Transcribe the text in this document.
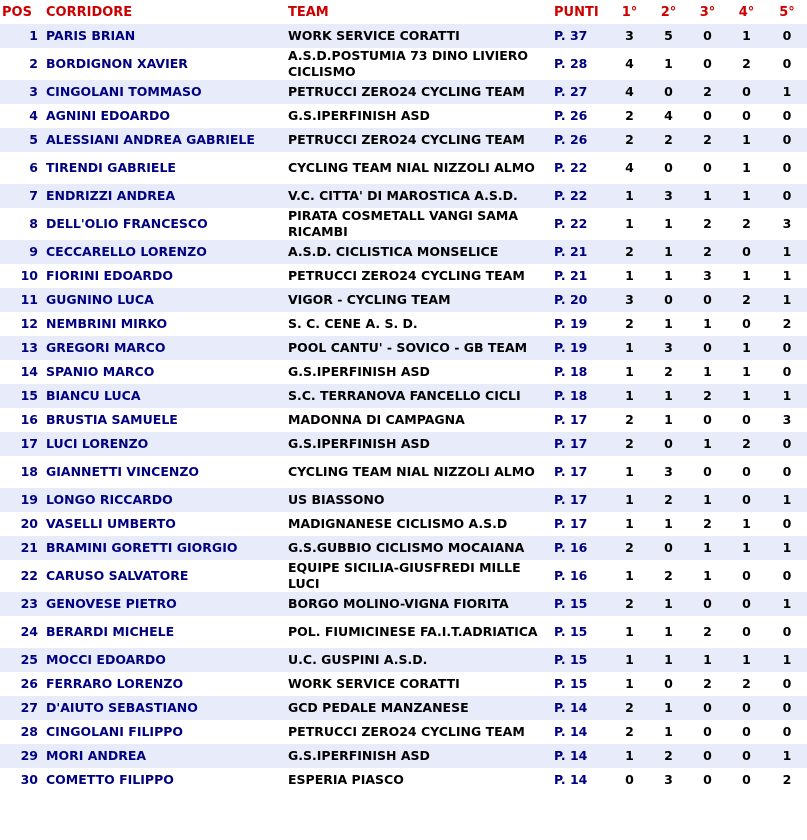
POS	CORRIDORE	TEAM	PUNTI	1°	2°	3°	4°	5°
1	PARIS BRIAN	WORK SERVICE CORATTI	P. 37	3	5	0	1	0
2	BORDIGNON XAVIER	A.S.D.POSTUMIA 73 DINO LIVIERO CICLISMO	P. 28	4	1	0	2	0
3	CINGOLANI TOMMASO	PETRUCCI ZERO24 CYCLING TEAM	P. 27	4	0	2	0	1
4	AGNINI EDOARDO	G.S.IPERFINISH ASD	P. 26	2	4	0	0	0
5	ALESSIANI ANDREA GABRIELE	PETRUCCI ZERO24 CYCLING TEAM	P. 26	2	2	2	1	0
6	TIRENDI GABRIELE	CYCLING TEAM NIAL NIZZOLI ALMO	P. 22	4	0	0	1	0
7	ENDRIZZI ANDREA	V.C. CITTA' DI MAROSTICA A.S.D.	P. 22	1	3	1	1	0
8	DELL'OLIO FRANCESCO	PIRATA COSMETALL VANGI SAMA RICAMBI	P. 22	1	1	2	2	3
9	CECCARELLO LORENZO	A.S.D. CICLISTICA MONSELICE	P. 21	2	1	2	0	1
10	FIORINI EDOARDO	PETRUCCI ZERO24 CYCLING TEAM	P. 21	1	1	3	1	1
11	GUGNINO LUCA	VIGOR - CYCLING TEAM	P. 20	3	0	0	2	1
12	NEMBRINI MIRKO	S. C. CENE A. S. D.	P. 19	2	1	1	0	2
13	GREGORI MARCO	POOL CANTU' - SOVICO - GB TEAM	P. 19	1	3	0	1	0
14	SPANIO MARCO	G.S.IPERFINISH ASD	P. 18	1	2	1	1	0
15	BIANCU LUCA	S.C. TERRANOVA FANCELLO CICLI	P. 18	1	1	2	1	1
16	BRUSTIA SAMUELE	MADONNA DI CAMPAGNA	P. 17	2	1	0	0	3
17	LUCI LORENZO	G.S.IPERFINISH ASD	P. 17	2	0	1	2	0
18	GIANNETTI VINCENZO	CYCLING TEAM NIAL NIZZOLI ALMO	P. 17	1	3	0	0	0
19	LONGO RICCARDO	US BIASSONO	P. 17	1	2	1	0	1
20	VASELLI UMBERTO	MADIGNANESE CICLISMO A.S.D	P. 17	1	1	2	1	0
21	BRAMINI GORETTI GIORGIO	G.S.GUBBIO CICLISMO MOCAIANA	P. 16	2	0	1	1	1
22	CARUSO SALVATORE	EQUIPE SICILIA-GIUSFREDI MILLE LUCI	P. 16	1	2	1	0	0
23	GENOVESE PIETRO	BORGO MOLINO-VIGNA FIORITA	P. 15	2	1	0	0	1
24	BERARDI MICHELE	POL. FIUMICINESE FA.I.T.ADRIATICA	P. 15	1	1	2	0	0
25	MOCCI EDOARDO	U.C. GUSPINI A.S.D.	P. 15	1	1	1	1	1
26	FERRARO LORENZO	WORK SERVICE CORATTI	P. 15	1	0	2	2	0
27	D'AIUTO SEBASTIANO	GCD PEDALE MANZANESE	P. 14	2	1	0	0	0
28	CINGOLANI FILIPPO	PETRUCCI ZERO24 CYCLING TEAM	P. 14	2	1	0	0	0
29	MORI ANDREA	G.S.IPERFINISH ASD	P. 14	1	2	0	0	1
30	COMETTO FILIPPO	ESPERIA PIASCO	P. 14	0	3	0	0	2
